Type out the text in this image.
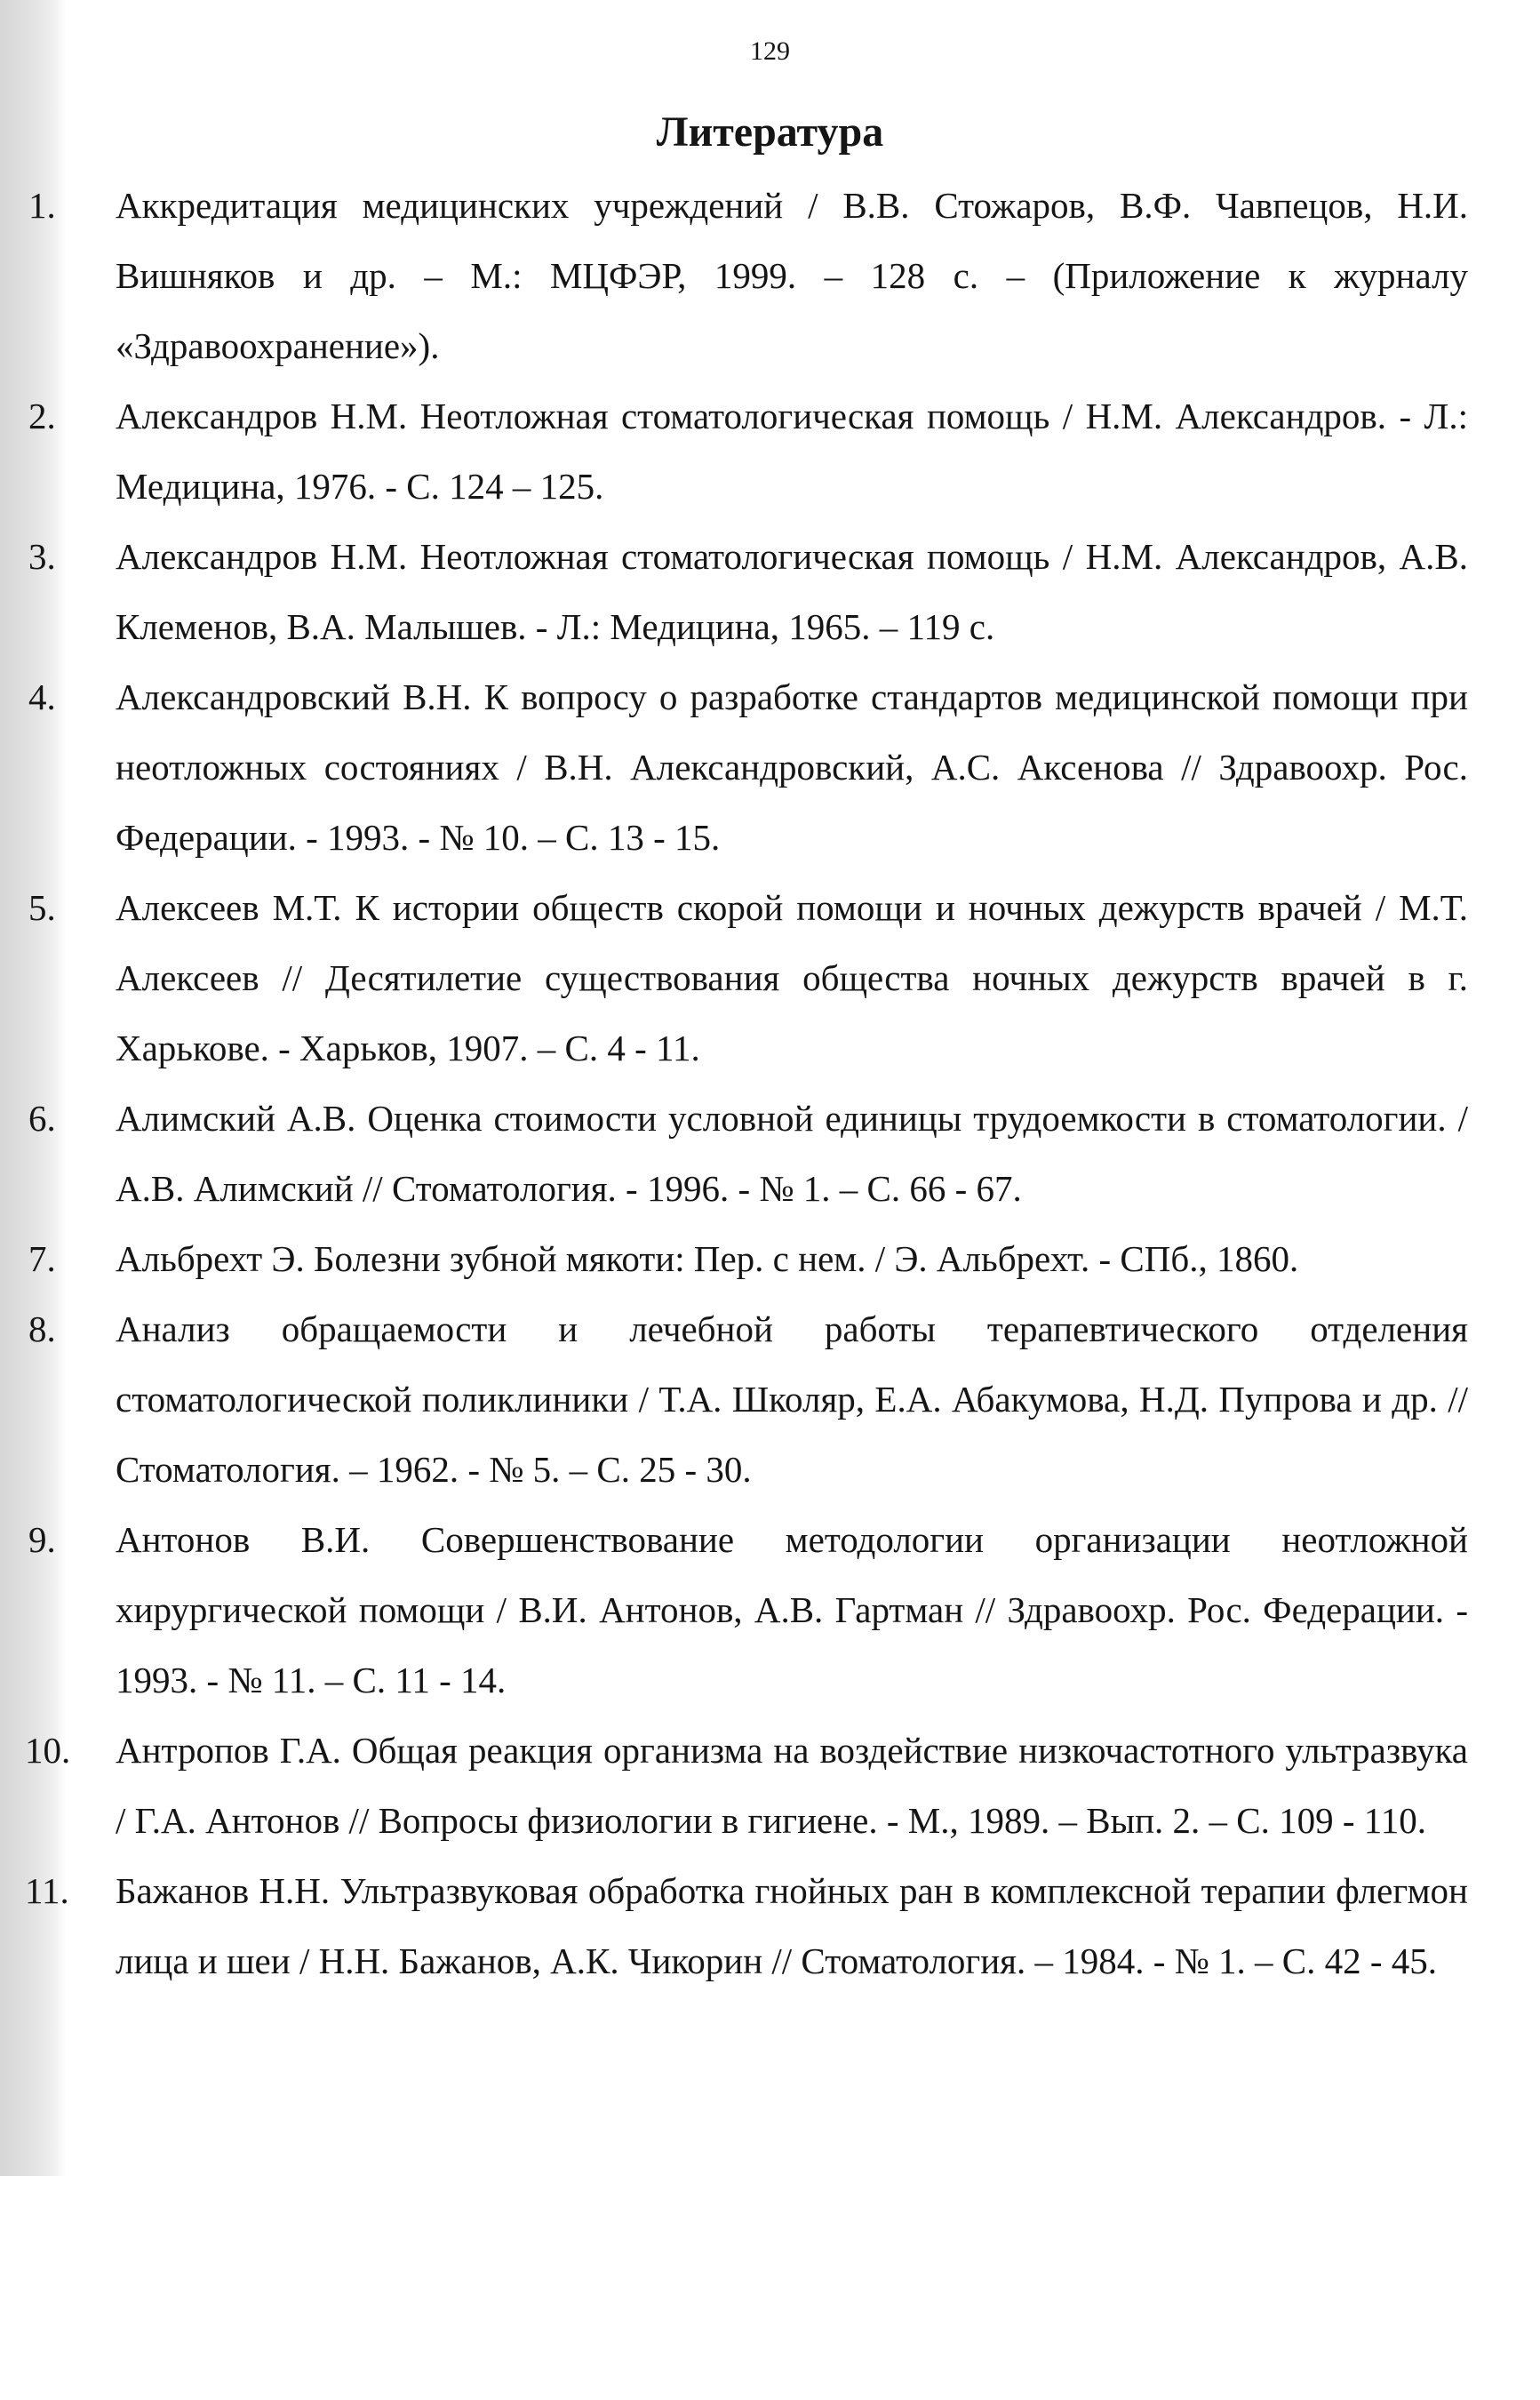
129
Литература
1.	Аккредитация медицинских учреждений / В.В. Стожаров, В.Ф. Чавпецов, Н.И. Вишняков и др. – М.: МЦФЭР, 1999. – 128 с. – (Приложение к журналу «Здравоохранение»).
2.	Александров Н.М. Неотложная стоматологическая помощь / Н.М. Александров. - Л.: Медицина, 1976. - С. 124 – 125.
3.	Александров Н.М. Неотложная стоматологическая помощь / Н.М. Александров, А.В. Клеменов, В.А. Малышев. - Л.: Медицина, 1965. – 119 с.
4.	Александровский В.Н. К вопросу о разработке стандартов медицинской помощи при неотложных состояниях / В.Н. Александровский, А.С. Аксенова // Здравоохр. Рос. Федерации. - 1993. - № 10. – С. 13 - 15.
5.	Алексеев М.Т. К истории обществ скорой помощи и ночных дежурств врачей / М.Т. Алексеев // Десятилетие существования общества ночных дежурств врачей в г. Харькове. - Харьков, 1907. – С. 4 - 11.
6.	Алимский А.В. Оценка стоимости условной единицы трудоемкости в стоматологии. / А.В. Алимский // Стоматология. - 1996. - № 1. – С. 66 - 67.
7.	Альбрехт Э. Болезни зубной мякоти: Пер. с нем. / Э. Альбрехт. - СПб., 1860.
8.	Анализ обращаемости и лечебной работы терапевтического отделения стоматологической поликлиники / Т.А. Школяр, Е.А. Абакумова, Н.Д. Пупрова и др. // Стоматология. – 1962. - № 5. – С. 25 - 30.
9.	Антонов В.И. Совершенствование методологии организации неотложной хирургической помощи / В.И. Антонов, А.В. Гартман // Здравоохр. Рос. Федерации. - 1993. - № 11. – С. 11 - 14.
10.	Антропов Г.А. Общая реакция организма на воздействие низкочастотного ультразвука / Г.А. Антонов // Вопросы физиологии в гигиене. - М., 1989. – Вып. 2. – С. 109 - 110.
11.	Бажанов Н.Н. Ультразвуковая обработка гнойных ран в комплексной терапии флегмон лица и шеи / Н.Н. Бажанов, А.К. Чикорин // Стоматология. – 1984. - № 1. – С. 42 - 45.
